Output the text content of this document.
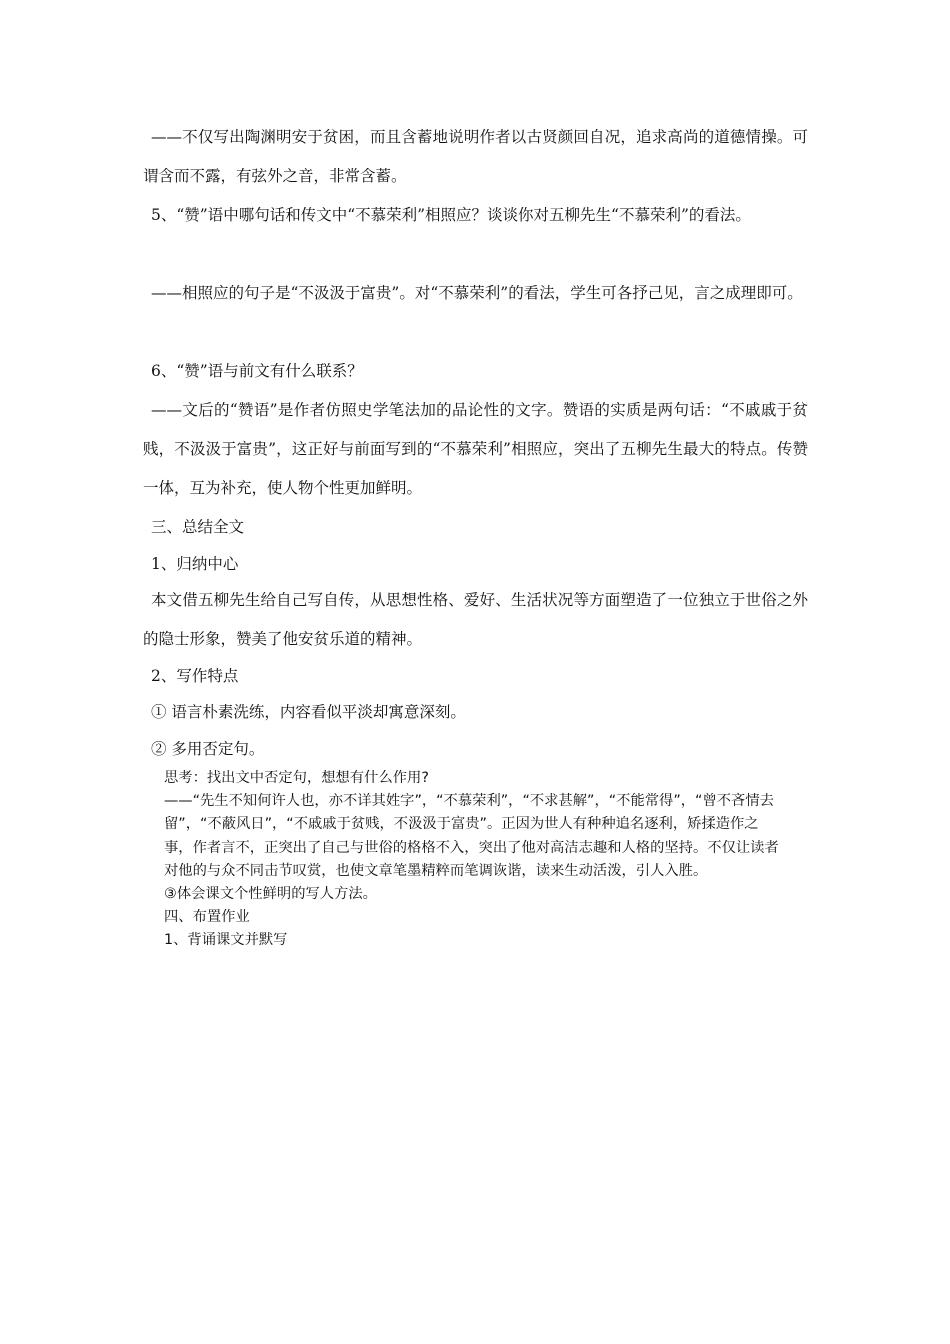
——不仅写出陶渊明安于贫困，而且含蓄地说明作者以古贤颜回自况，追求高尚的道德情操。可谓含而不露，有弦外之音，非常含蓄。

5、“赞”语中哪句话和传文中“不慕荣利”相照应？谈谈你对五柳先生“不慕荣利”的看法。

——相照应的句子是“不汲汲于富贵”。对“不慕荣利”的看法，学生可各抒己见，言之成理即可。

6、“赞”语与前文有什么联系？

——文后的“赞语”是作者仿照史学笔法加的品论性的文字。赞语的实质是两句话：“不戚戚于贫贱，不汲汲于富贵”，这正好与前面写到的“不慕荣利”相照应，突出了五柳先生最大的特点。传赞一体，互为补充，使人物个性更加鲜明。

三、总结全文

1、归纳中心

本文借五柳先生给自己写自传，从思想性格、爱好、生活状况等方面塑造了一位独立于世俗之外的隐士形象，赞美了他安贫乐道的精神。

2、写作特点

① 语言朴素洗练，内容看似平淡却寓意深刻。

② 多用否定句。

思考：找出文中否定句，想想有什么作用?
——“先生不知何许人也，亦不详其姓字”，“不慕荣利”，“不求甚解”，“不能常得”，“曾不吝情去留”，“不蔽风日”，“不戚戚于贫贱，不汲汲于富贵”。正因为世人有种种追名逐利，矫揉造作之事，作者言不，正突出了自己与世俗的格格不入，突出了他对高洁志趣和人格的坚持。不仅让读者对他的与众不同击节叹赏，也使文章笔墨精粹而笔调诙谐，读来生动活泼，引人入胜。
③体会课文个性鲜明的写人方法。
四、布置作业
1、背诵课文并默写
